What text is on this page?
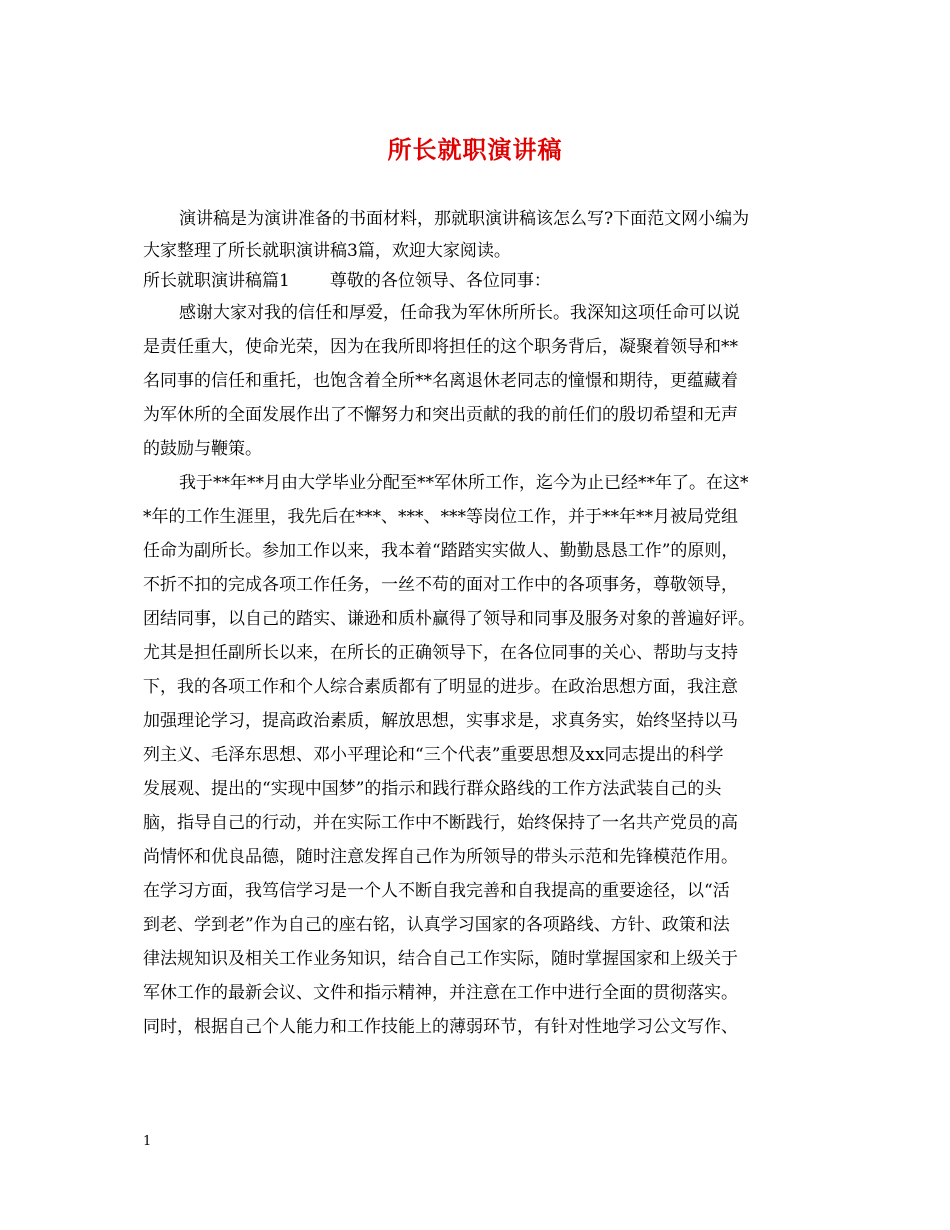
所长就职演讲稿
演讲稿是为演讲准备的书面材料，那就职演讲稿该怎么写?下面范文网小编为
大家整理了所长就职演讲稿3篇，欢迎大家阅读。
所长就职演讲稿篇1 尊敬的各位领导、各位同事：
感谢大家对我的信任和厚爱，任命我为军休所所长。我深知这项任命可以说
是责任重大，使命光荣，因为在我所即将担任的这个职务背后，凝聚着领导和**
名同事的信任和重托，也饱含着全所**名离退休老同志的憧憬和期待，更蕴藏着
为军休所的全面发展作出了不懈努力和突出贡献的我的前任们的殷切希望和无声
的鼓励与鞭策。
我于**年**月由大学毕业分配至**军休所工作，迄今为止已经**年了。在这*
*年的工作生涯里，我先后在***、***、***等岗位工作，并于**年**月被局党组
任命为副所长。参加工作以来，我本着“踏踏实实做人、勤勤恳恳工作”的原则，
不折不扣的完成各项工作任务，一丝不苟的面对工作中的各项事务，尊敬领导，
团结同事，以自己的踏实、谦逊和质朴赢得了领导和同事及服务对象的普遍好评。
尤其是担任副所长以来，在所长的正确领导下，在各位同事的关心、帮助与支持
下，我的各项工作和个人综合素质都有了明显的进步。在政治思想方面，我注意
加强理论学习，提高政治素质，解放思想，实事求是，求真务实，始终坚持以马
列主义、毛泽东思想、邓小平理论和“三个代表”重要思想及xx同志提出的科学
发展观、提出的“实现中国梦”的指示和践行群众路线的工作方法武装自己的头
脑，指导自己的行动，并在实际工作中不断践行，始终保持了一名共产党员的高
尚情怀和优良品德，随时注意发挥自己作为所领导的带头示范和先锋模范作用。
在学习方面，我笃信学习是一个人不断自我完善和自我提高的重要途径，以“活
到老、学到老”作为自己的座右铭，认真学习国家的各项路线、方针、政策和法
律法规知识及相关工作业务知识，结合自己工作实际，随时掌握国家和上级关于
军休工作的最新会议、文件和指示精神，并注意在工作中进行全面的贯彻落实。
同时，根据自己个人能力和工作技能上的薄弱环节，有针对性地学习公文写作、
1
